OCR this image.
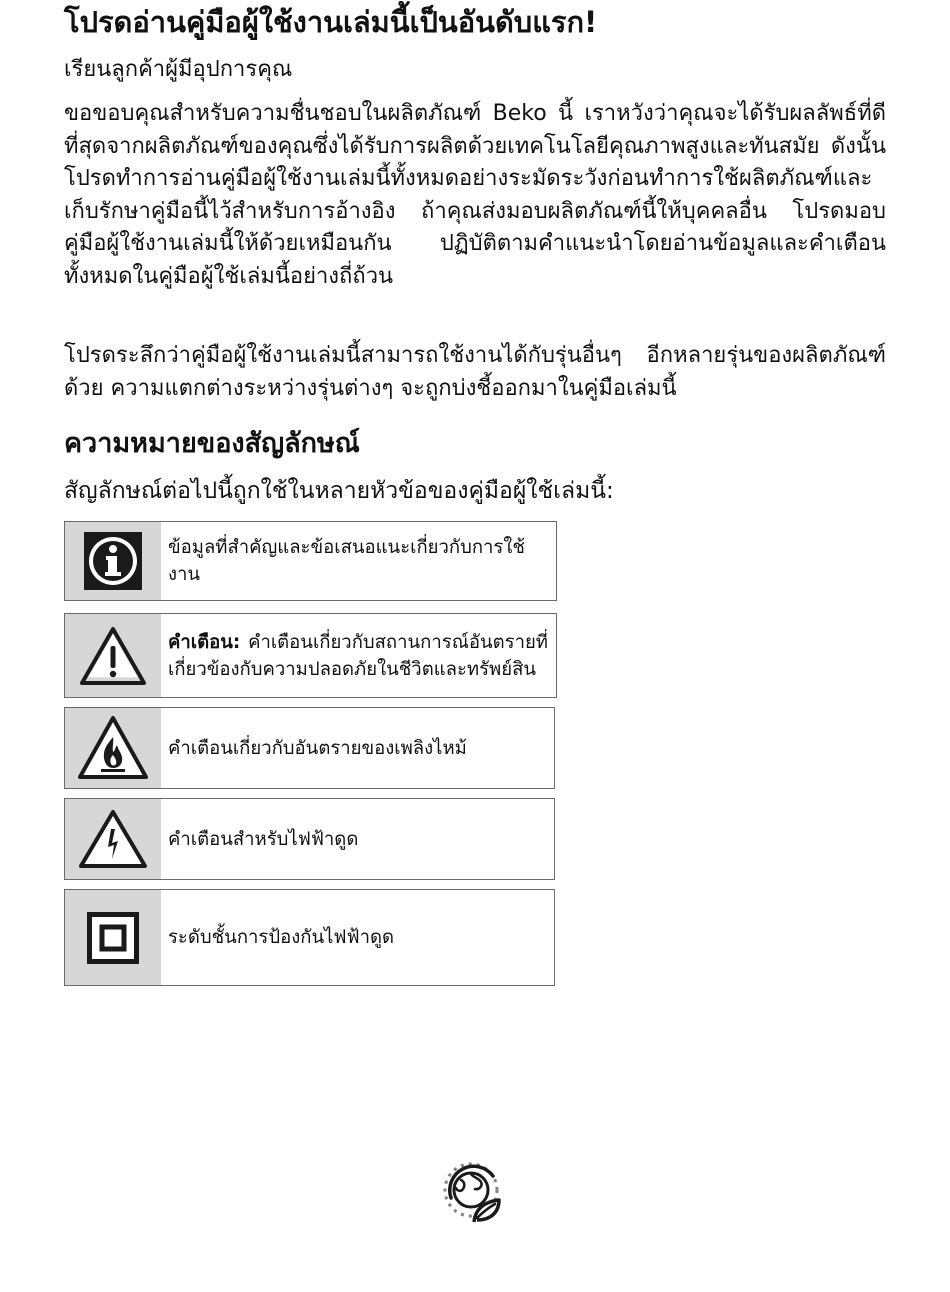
โปรดอ่านคู่มือผู้ใช้งานเล่มนี้เป็นอันดับแรก!
เรียนลูกค้าผู้มีอุปการคุณ

ขอขอบคุณสำหรับความชื่นชอบในผลิตภัณฑ์ Beko นี้ เราหวังว่าคุณจะได้รับผลลัพธ์ที่ดีที่สุดจากผลิตภัณฑ์ของคุณซึ่งได้รับการผลิตด้วยเทคโนโลยีคุณภาพสูงและทันสมัย ดังนั้น โปรดทำการอ่านคู่มือผู้ใช้งานเล่มนี้ทั้งหมดอย่างระมัดระวังก่อนทำการใช้ผลิตภัณฑ์และเก็บรักษาคู่มือนี้ไว้สำหรับการอ้างอิง ถ้าคุณส่งมอบผลิตภัณฑ์นี้ให้บุคคลอื่น โปรดมอบคู่มือผู้ใช้งานเล่มนี้ให้ด้วยเหมือนกัน ปฏิบัติตามคำแนะนำโดยอ่านข้อมูลและคำเตือนทั้งหมดในคู่มือผู้ใช้เล่มนี้อย่างถี่ถ้วน

โปรดระลึกว่าคู่มือผู้ใช้งานเล่มนี้สามารถใช้งานได้กับรุ่นอื่นๆ อีกหลายรุ่นของผลิตภัณฑ์ด้วย ความแตกต่างระหว่างรุ่นต่างๆ จะถูกบ่งชี้ออกมาในคู่มือเล่มนี้

ความหมายของสัญลักษณ์
สัญลักษณ์ต่อไปนี้ถูกใช้ในหลายหัวข้อของคู่มือผู้ใช้เล่มนี้:
ข้อมูลที่สำคัญและข้อเสนอแนะเกี่ยวกับการใช้งาน
คำเตือน: คำเตือนเกี่ยวกับสถานการณ์อันตรายที่เกี่ยวข้องกับความปลอดภัยในชีวิตและทรัพย์สิน
คำเตือนเกี่ยวกับอันตรายของเพลิงไหม้
คำเตือนสำหรับไฟฟ้าดูด
ระดับชั้นการป้องกันไฟฟ้าดูด
